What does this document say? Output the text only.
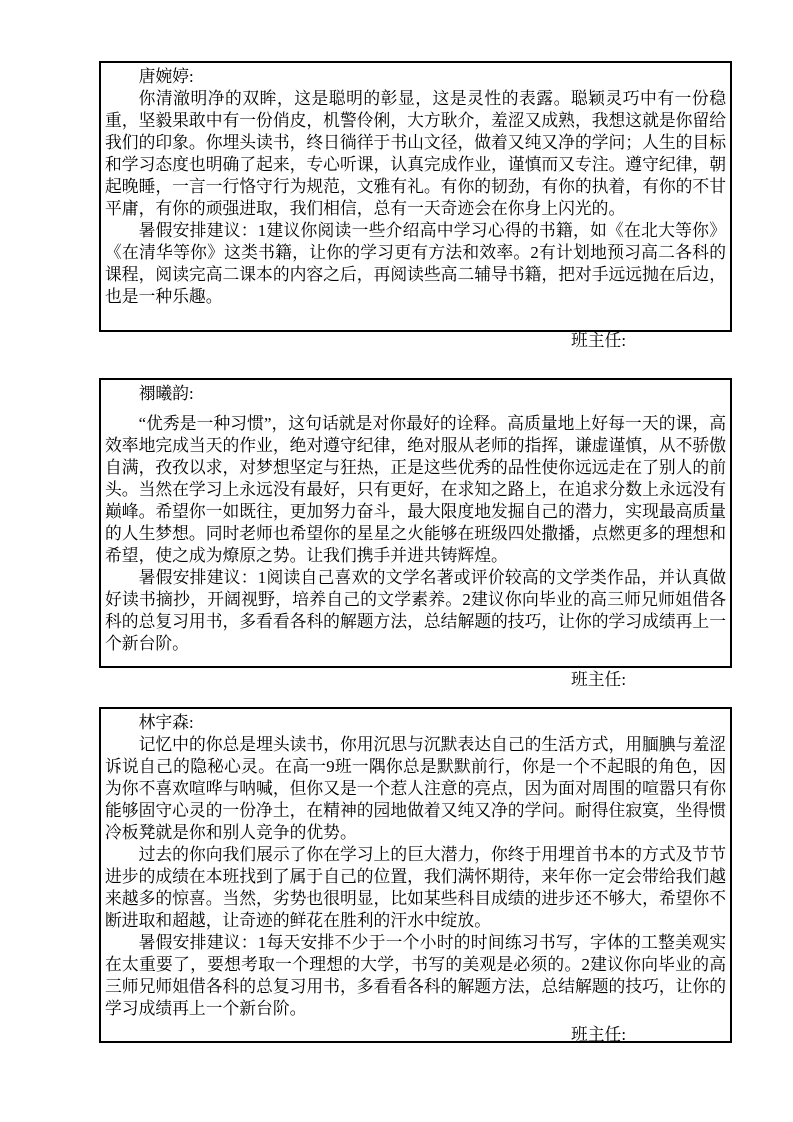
唐婉婷:

你清澈明净的双眸，这是聪明的彰显，这是灵性的表露。聪颖灵巧中有一份稳重，坚毅果敢中有一份俏皮，机警伶俐，大方耿介，羞涩又成熟，我想这就是你留给我们的印象。你埋头读书，终日徜徉于书山文径，做着又纯又净的学问；人生的目标和学习态度也明确了起来，专心听课，认真完成作业，谨慎而又专注。遵守纪律，朝起晚睡，一言一行恪守行为规范，文雅有礼。有你的韧劲，有你的执着，有你的不甘平庸，有你的顽强进取，我们相信，总有一天奇迹会在你身上闪光的。

暑假安排建议：1建议你阅读一些介绍高中学习心得的书籍，如《在北大等你》《在清华等你》这类书籍，让你的学习更有方法和效率。2有计划地预习高二各科的课程，阅读完高二课本的内容之后，再阅读些高二辅导书籍，把对手远远抛在后边，也是一种乐趣。

班主任:

禤曦韵:

“优秀是一种习惯”，这句话就是对你最好的诠释。高质量地上好每一天的课，高效率地完成当天的作业，绝对遵守纪律，绝对服从老师的指挥，谦虚谨慎，从不骄傲自满，孜孜以求，对梦想坚定与狂热，正是这些优秀的品性使你远远走在了别人的前头。当然在学习上永远没有最好，只有更好，在求知之路上，在追求分数上永远没有巅峰。希望你一如既往，更加努力奋斗，最大限度地发掘自己的潜力，实现最高质量的人生梦想。同时老师也希望你的星星之火能够在班级四处撒播，点燃更多的理想和希望，使之成为燎原之势。让我们携手并进共铸辉煌。

暑假安排建议：1阅读自己喜欢的文学名著或评价较高的文学类作品，并认真做好读书摘抄，开阔视野，培养自己的文学素养。2建议你向毕业的高三师兄师姐借各科的总复习用书，多看看各科的解题方法，总结解题的技巧，让你的学习成绩再上一个新台阶。

班主任:

林宇森:

记忆中的你总是埋头读书，你用沉思与沉默表达自己的生活方式，用腼腆与羞涩诉说自己的隐秘心灵。在高一9班一隅你总是默默前行，你是一个不起眼的角色，因为你不喜欢喧哗与呐喊，但你又是一个惹人注意的亮点，因为面对周围的喧嚣只有你能够固守心灵的一份净土，在精神的园地做着又纯又净的学问。耐得住寂寞，坐得惯冷板凳就是你和别人竞争的优势。

过去的你向我们展示了你在学习上的巨大潜力，你终于用埋首书本的方式及节节进步的成绩在本班找到了属于自己的位置，我们满怀期待，来年你一定会带给我们越来越多的惊喜。当然，劣势也很明显，比如某些科目成绩的进步还不够大，希望你不断进取和超越，让奇迹的鲜花在胜利的汗水中绽放。

暑假安排建议：1每天安排不少于一个小时的时间练习书写，字体的工整美观实在太重要了，要想考取一个理想的大学，书写的美观是必须的。2建议你向毕业的高三师兄师姐借各科的总复习用书，多看看各科的解题方法，总结解题的技巧，让你的学习成绩再上一个新台阶。

班主任:
